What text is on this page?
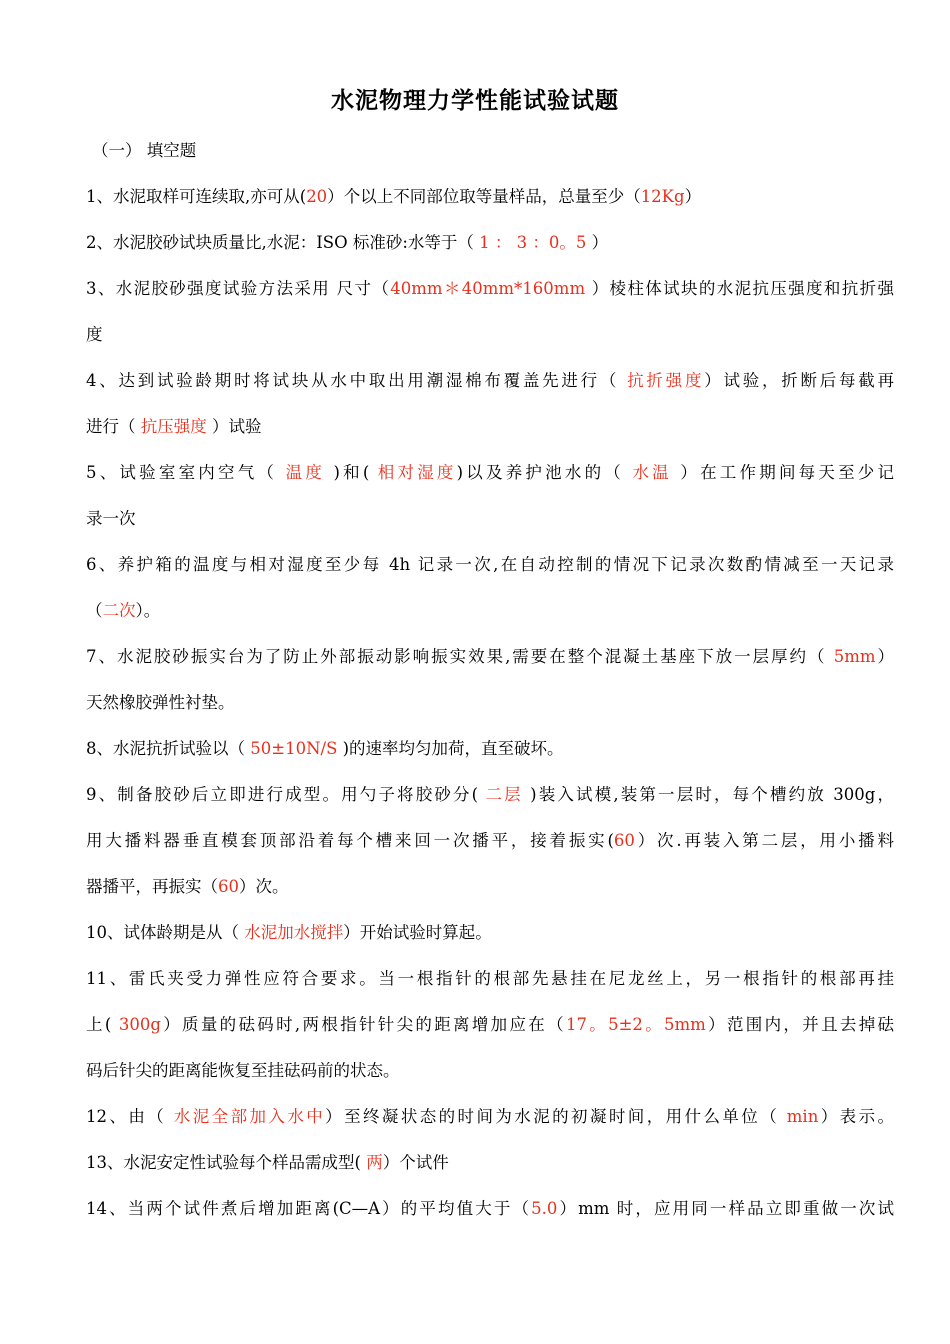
水泥物理力学性能试验试题
（一） 填空题
1、水泥取样可连续取,亦可从(20）个以上不同部位取等量样品，总量至少（12Kg）
2、水泥胶砂试块质量比,水泥：ISO 标准砂:水等于（ 1 ： 3 ：0。5 ）
3、水泥胶砂强度试验方法采用 尺寸（40mm＊40mm*160mm ）棱柱体试块的水泥抗压强度和抗折强
度
4、达到试验龄期时将试块从水中取出用潮湿棉布覆盖先进行（ 抗折强度）试验，折断后每截再
进行（ 抗压强度 ）试验
5、试验室室内空气（ 温度 )和( 相对湿度)以及养护池水的（ 水温 ）在工作期间每天至少记
录一次
6、养护箱的温度与相对湿度至少每 4h 记录一次,在自动控制的情况下记录次数酌情减至一天记录
（二次）。
7、水泥胶砂振实台为了防止外部振动影响振实效果,需要在整个混凝土基座下放一层厚约（ 5mm）
天然橡胶弹性衬垫。
8、水泥抗折试验以（ 50±10N/S )的速率均匀加荷，直至破坏。
9、制备胶砂后立即进行成型。用勺子将胶砂分( 二层 )装入试模,装第一层时，每个槽约放 300g，
用大播料器垂直模套顶部沿着每个槽来回一次播平，接着振实(60）次.再装入第二层，用小播料
器播平，再振实（60）次。
10、试体龄期是从（ 水泥加水搅拌）开始试验时算起。
11、雷氏夹受力弹性应符合要求。当一根指针的根部先悬挂在尼龙丝上，另一根指针的根部再挂
上( 300g）质量的砝码时,两根指针针尖的距离增加应在（17。5±2。5mm）范围内，并且去掉砝
码后针尖的距离能恢复至挂砝码前的状态。
12、由（ 水泥全部加入水中）至终凝状态的时间为水泥的初凝时间，用什么单位（ min）表示。
13、水泥安定性试验每个样品需成型( 两）个试件
14、当两个试件煮后增加距离(C—A）的平均值大于（5.0）mm 时，应用同一样品立即重做一次试
